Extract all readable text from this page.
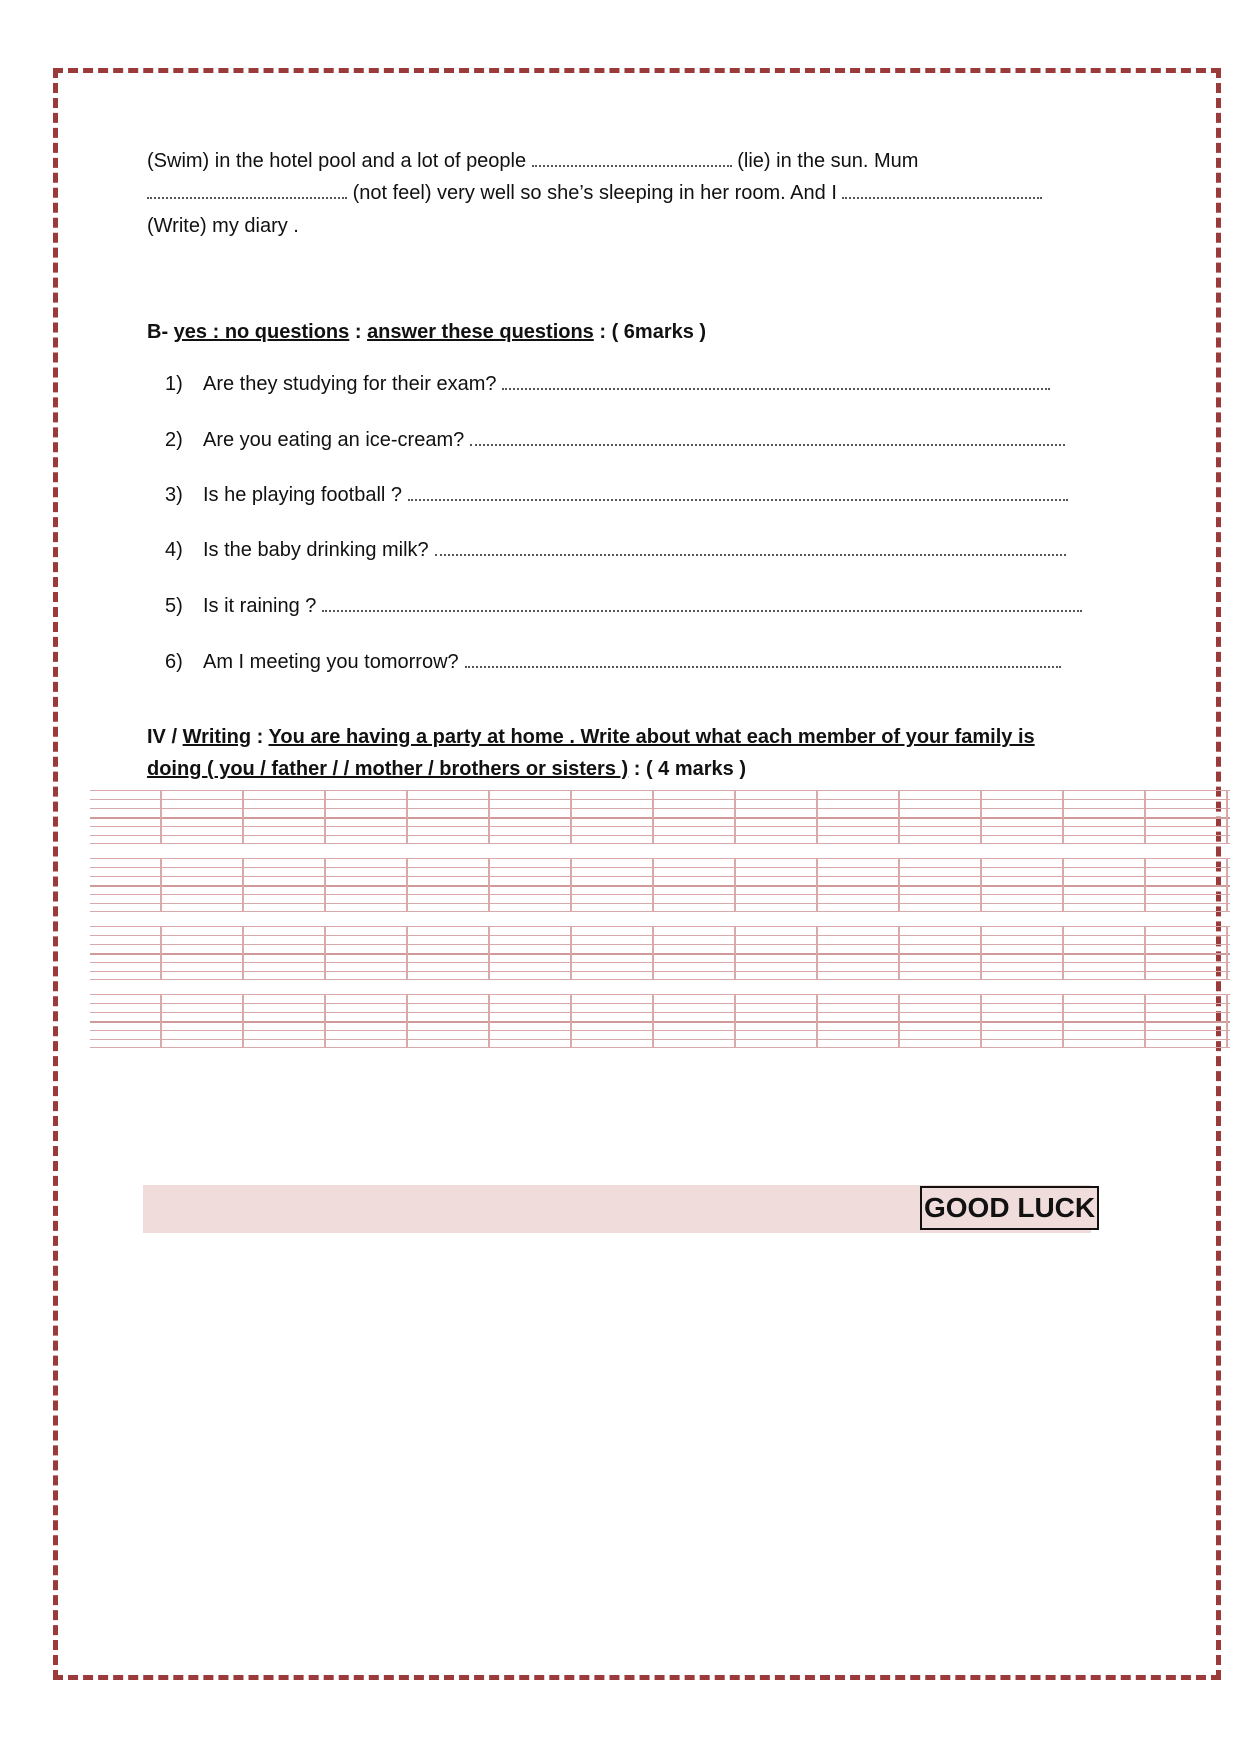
(Swim) in the hotel pool and a lot of people	(lie) in the sun. Mum
(not feel) very well so she’s sleeping in her room. And I
(Write) my diary .
B- yes : no questions : answer these questions : ( 6marks )
1) Are they studying for their exam?
2) Are you eating an ice-cream?
3) Is he playing football ?
4) Is the baby drinking milk?
5) Is it raining ?
6) Am I meeting you tomorrow?
IV / Writing : You are having a party at home . Write about what each member of your family is
doing ( you / father / / mother / brothers or sisters ) : ( 4 marks )
GOOD LUCK
